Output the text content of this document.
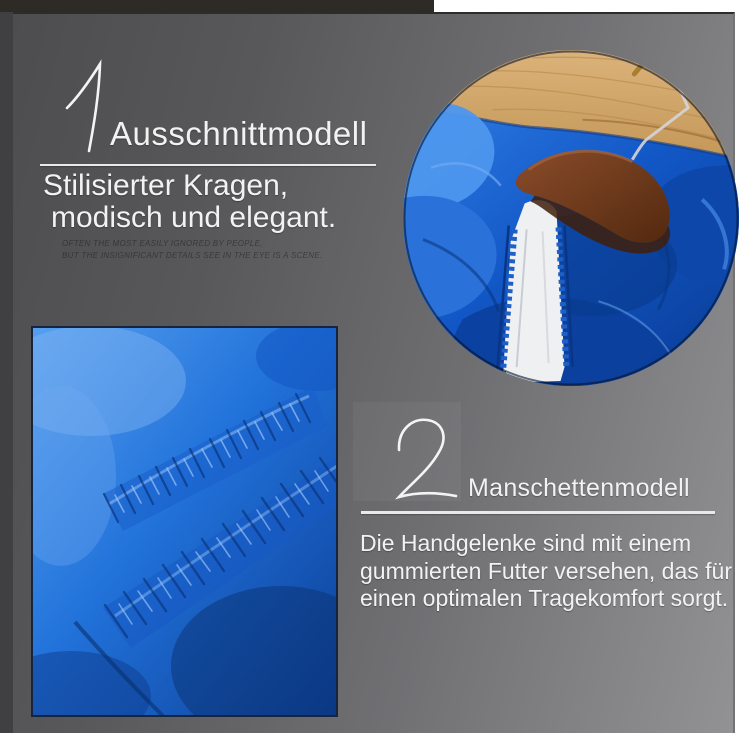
Ausschnittmodell
Stilisierter Kragen,
modisch und elegant.
OFTEN THE MOST EASILY IGNORED BY PEOPLE,
BUT THE INSIGNIFICANT DETAILS SEE IN THE EYE IS A SCENE.
Manschettenmodell
Die Handgelenke sind mit einem
gummierten Futter versehen, das für
einen optimalen Tragekomfort sorgt.
